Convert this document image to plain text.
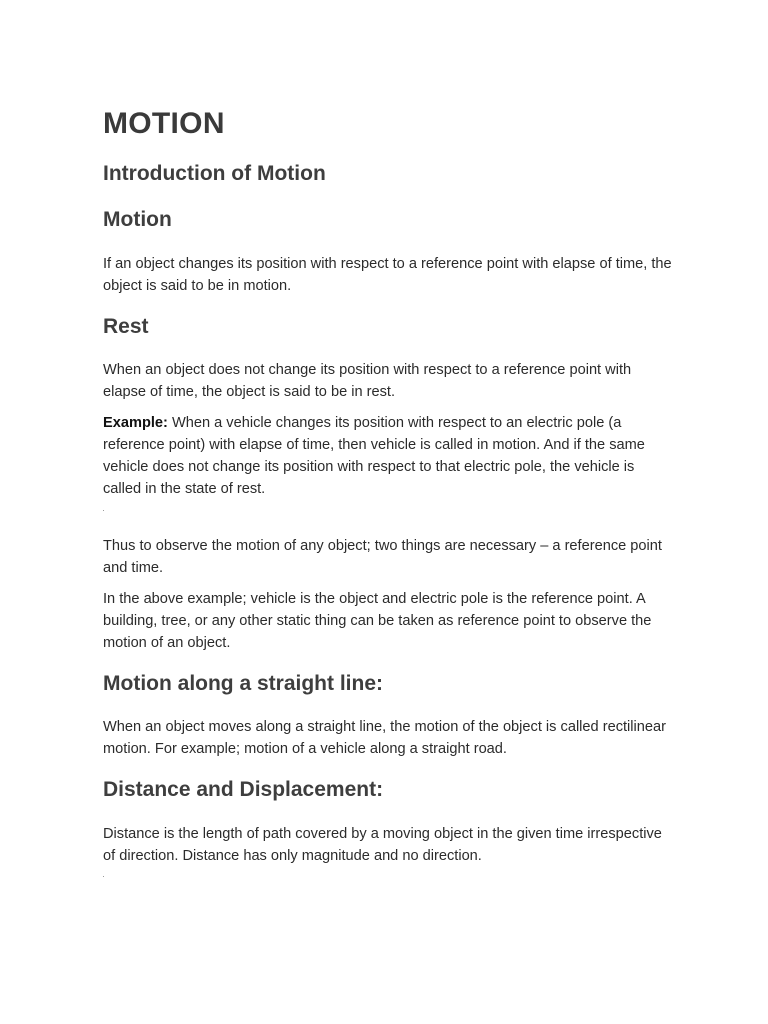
MOTION
Introduction of Motion
Motion

If an object changes its position with respect to a reference point with elapse of time, the object is said to be in motion.

Rest

When an object does not change its position with respect to a reference point with elapse of time, the object is said to be in rest.

Example: When a vehicle changes its position with respect to an electric pole (a reference point) with elapse of time, then vehicle is called in motion. And if the same vehicle does not change its position with respect to that electric pole, the vehicle is called in the state of rest.

Thus to observe the motion of any object; two things are necessary – a reference point and time.

In the above example; vehicle is the object and electric pole is the reference point. A building, tree, or any other static thing can be taken as reference point to observe the motion of an object.

Motion along a straight line:

When an object moves along a straight line, the motion of the object is called rectilinear motion. For example; motion of a vehicle along a straight road.

Distance and Displacement:

Distance is the length of path covered by a moving object in the given time irrespective of direction. Distance has only magnitude and no direction.
